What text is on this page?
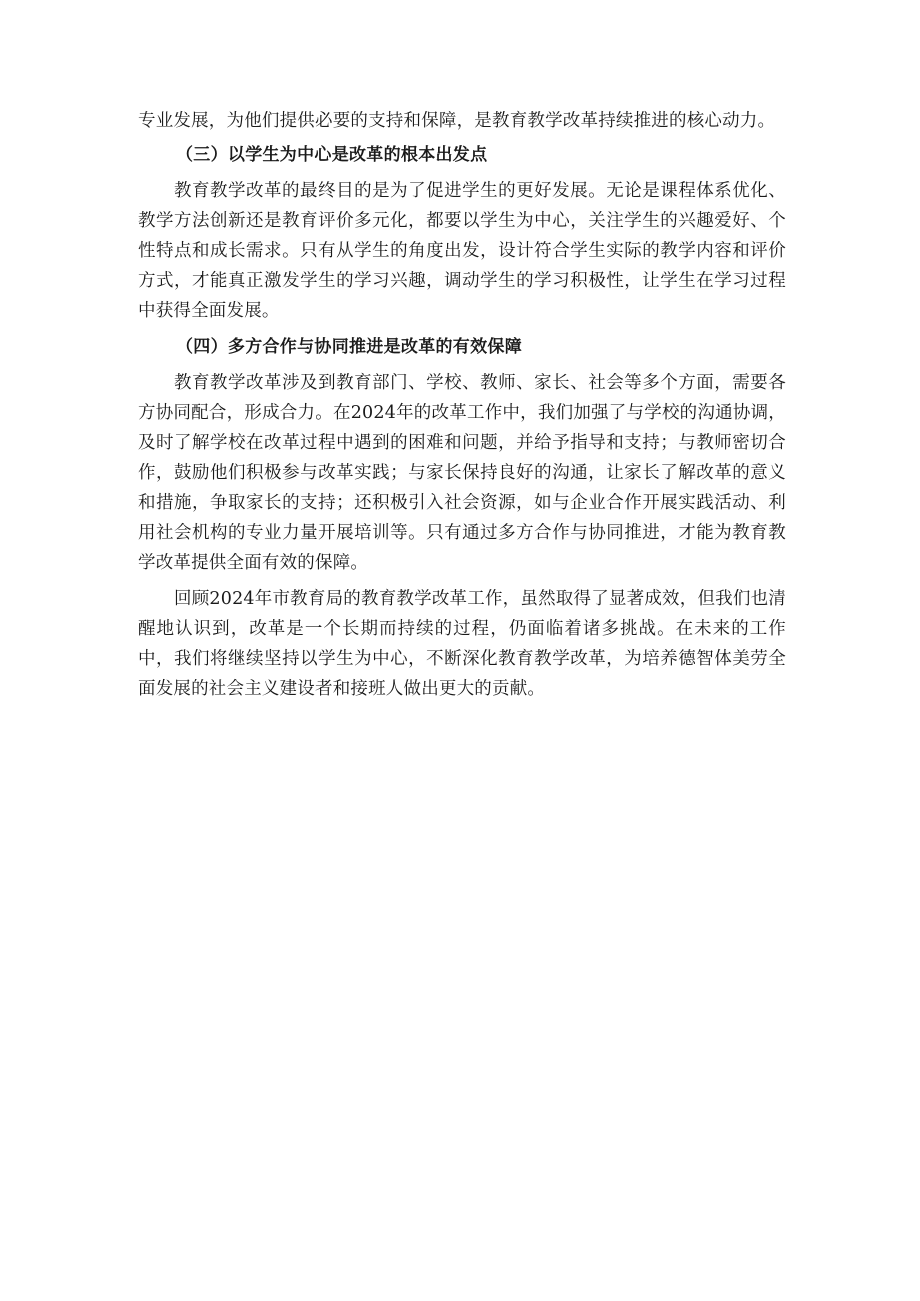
专业发展，为他们提供必要的支持和保障，是教育教学改革持续推进的核心动力。

（三）以学生为中心是改革的根本出发点

教育教学改革的最终目的是为了促进学生的更好发展。无论是课程体系优化、教学方法创新还是教育评价多元化，都要以学生为中心，关注学生的兴趣爱好、个性特点和成长需求。只有从学生的角度出发，设计符合学生实际的教学内容和评价方式，才能真正激发学生的学习兴趣，调动学生的学习积极性，让学生在学习过程中获得全面发展。

（四）多方合作与协同推进是改革的有效保障

教育教学改革涉及到教育部门、学校、教师、家长、社会等多个方面，需要各方协同配合，形成合力。在2024年的改革工作中，我们加强了与学校的沟通协调，及时了解学校在改革过程中遇到的困难和问题，并给予指导和支持；与教师密切合作，鼓励他们积极参与改革实践；与家长保持良好的沟通，让家长了解改革的意义和措施，争取家长的支持；还积极引入社会资源，如与企业合作开展实践活动、利用社会机构的专业力量开展培训等。只有通过多方合作与协同推进，才能为教育教学改革提供全面有效的保障。

回顾2024年市教育局的教育教学改革工作，虽然取得了显著成效，但我们也清醒地认识到，改革是一个长期而持续的过程，仍面临着诸多挑战。在未来的工作中，我们将继续坚持以学生为中心，不断深化教育教学改革，为培养德智体美劳全面发展的社会主义建设者和接班人做出更大的贡献。
